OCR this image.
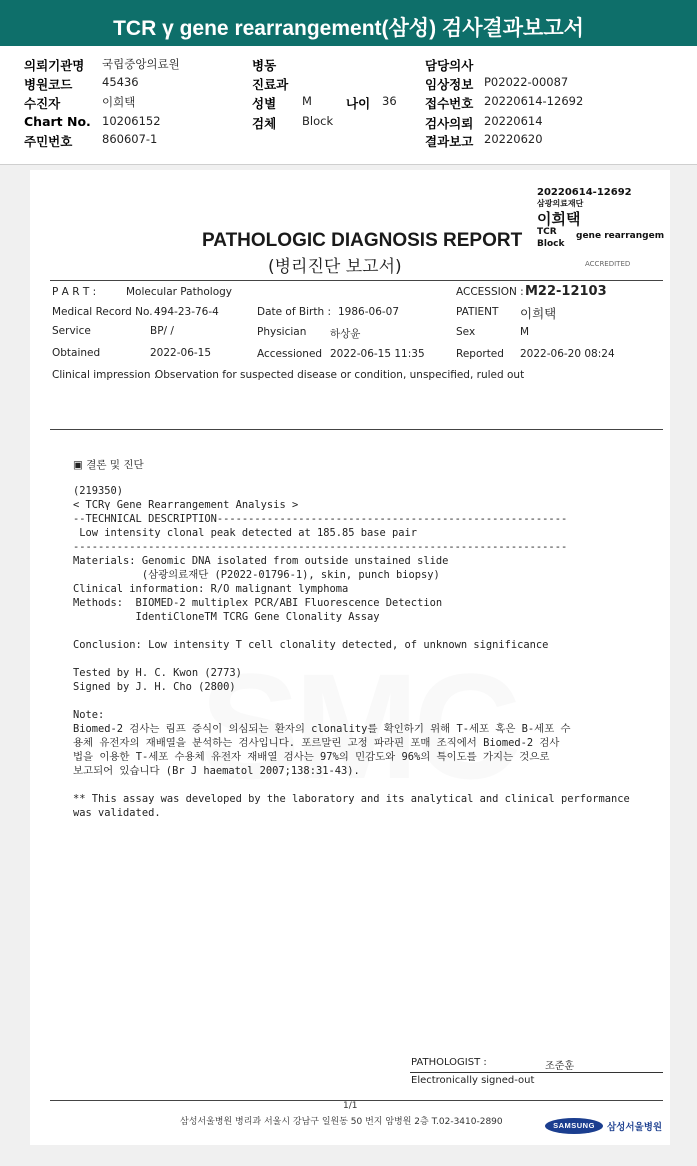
TCR γ gene rearrangement(삼성) 검사결과보고서
의뢰기관명 국립중앙의료원	병동	담당의사
병원코드	45436	진료과	임상정보 P02022-00087
수진자	이희택	성별 M	나이 36 접수번호 20220614-12692
Chart No. 10206152	검체 Block	검사의뢰 20220614
주민번호	860607-1	결과보고 20220620
20220614-12692
삼광의료재단
이희택
TCR gene rearrangem
Block
ACCREDITED
PATHOLOGIC DIAGNOSIS REPORT
(병리진단 보고서)
P A R T :	Molecular Pathology	ACCESSION : M22-12103
Medical Record No. :
494-23-76-4	Date of Birth : 1986-06-07	PATIENT 이희택
Service	BP/ /	Physician 하상윤	Sex	M
Obtained	2022-06-15	Accessioned 2022-06-15 11:35	Reported 2022-06-20 08:24
Clinical impression :
Observation for suspected disease or condition, unspecified, ruled out
▣ 결론 및 진단
(219350)
< TCRγ Gene Rearrangement Analysis >
--TECHNICAL DESCRIPTION--------------------------------------------------------
Low intensity clonal peak detected at 185.85 base pair
-------------------------------------------------------------------------------
Materials: Genomic DNA isolated from outside unstained slide
(삼광의료재단 (P2022-01796-1), skin, punch biopsy)
Clinical information: R/O malignant lymphoma
Methods:  BIOMED-2 multiplex PCR/ABI Fluorescence Detection
IdentiCloneTM TCRG Gene Clonality Assay

Conclusion: Low intensity T cell clonality detected, of unknown significance

Tested by H. C. Kwon (2773)
Signed by J. H. Cho (2800)

Note:
Biomed-2 검사는 림프 증식이 의심되는 환자의 clonality를 확인하기 위해 T-세포 혹은 B-세포 수
용체 유전자의 재배열을 분석하는 검사입니다. 포르말린 고정 파라핀 포매 조직에서 Biomed-2 검사
법을 이용한 T-세포 수용체 유전자 재배열 검사는 97%의 민감도와 96%의 특이도를 가지는 것으로
보고되어 있습니다 (Br J haematol 2007;138:31-43).

** This assay was developed by the laboratory and its analytical and clinical performance
was validated.
PATHOLOGIST :	조준훈
Electronically signed-out
1/1
삼성서울병원 병리과 서울시 강남구 일원동 50 번지 암병원 2층 T.02-3410-2890	SAMSUNG	삼성서울병원
